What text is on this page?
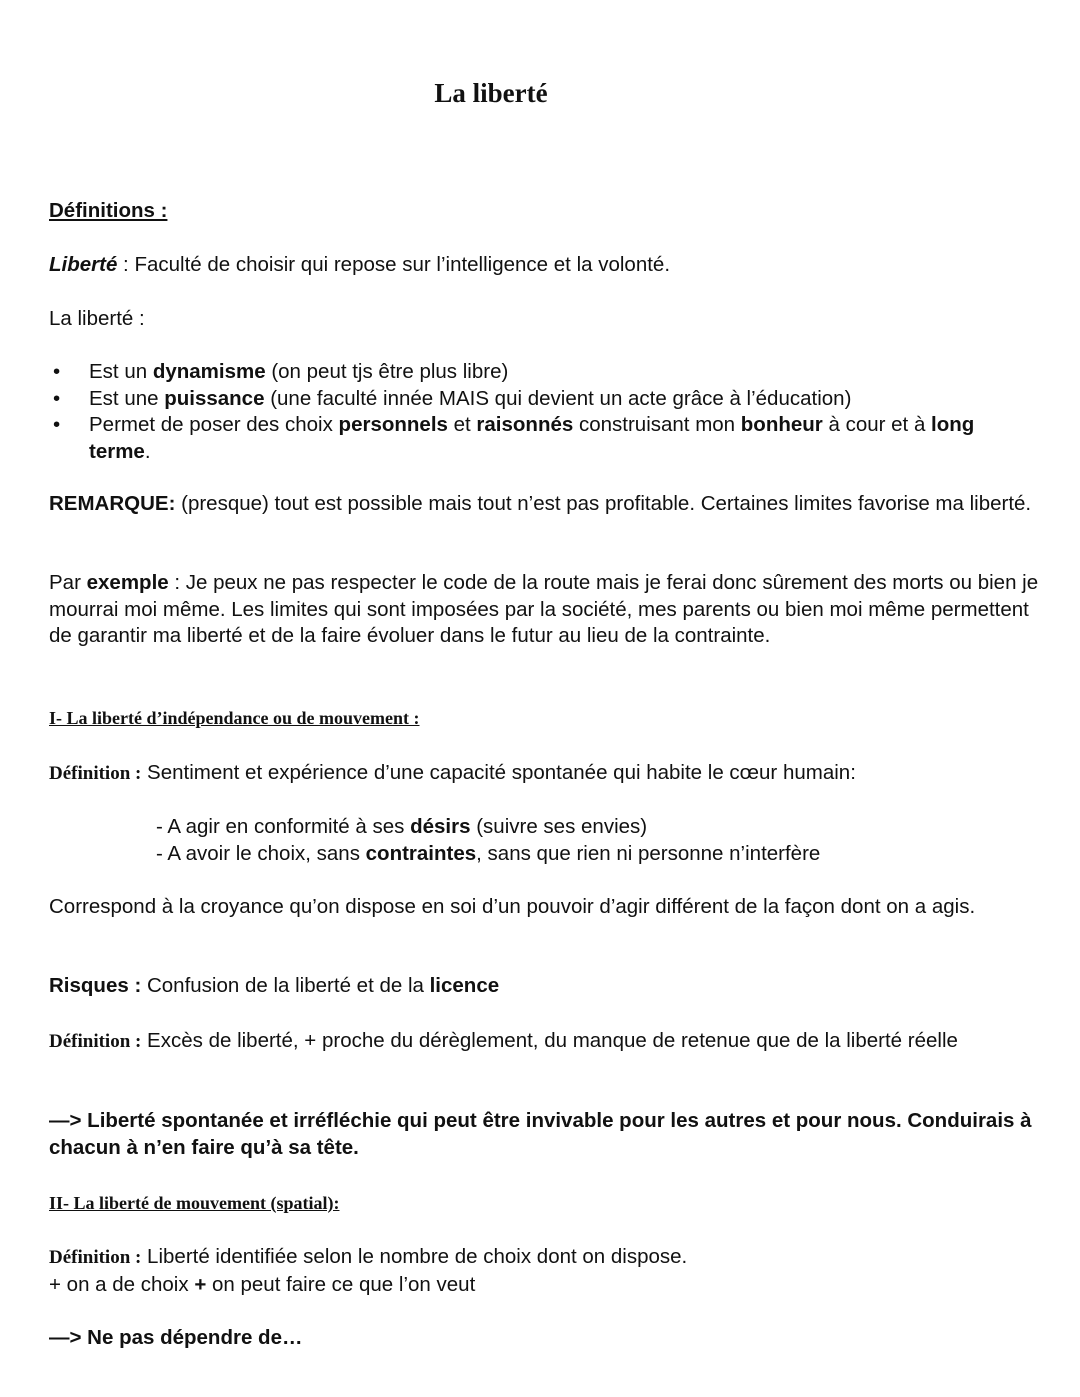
La liberté
Définitions :
Liberté : Faculté de choisir qui repose sur l’intelligence et la volonté.
La liberté :
• Est un dynamisme (on peut tjs être plus libre)
• Est une puissance (une faculté innée MAIS qui devient un acte grâce à l’éducation)
• Permet de poser des choix personnels et raisonnés construisant mon bonheur à cour et à long terme.
REMARQUE: (presque) tout est possible mais tout n’est pas profitable. Certaines limites favorise ma liberté.
Par exemple : Je peux ne pas respecter le code de la route mais je ferai donc sûrement des morts ou bien je mourrai moi même. Les limites qui sont imposées par la société, mes parents ou bien moi même permettent de garantir ma liberté et de la faire évoluer dans le futur au lieu de la contrainte.
I- La liberté d’indépendance ou de mouvement :
Définition : Sentiment et expérience d’une capacité spontanée qui habite le cœur humain:
- A agir en conformité à ses désirs (suivre ses envies)
- A avoir le choix, sans contraintes, sans que rien ni personne n’interfère
Correspond à la croyance qu’on dispose en soi d’un pouvoir d’agir différent de la façon dont on a agis.
Risques : Confusion de la liberté et de la licence
Définition : Excès de liberté, + proche du dérèglement, du manque de retenue que de la liberté réelle
—> Liberté spontanée et irréfléchie qui peut être invivable pour les autres et pour nous. Conduirais à chacun à n’en faire qu’à sa tête.
II- La liberté de mouvement (spatial):
Définition : Liberté identifiée selon le nombre de choix dont on dispose.
+ on a de choix + on peut faire ce que l’on veut
—> Ne pas dépendre de…
